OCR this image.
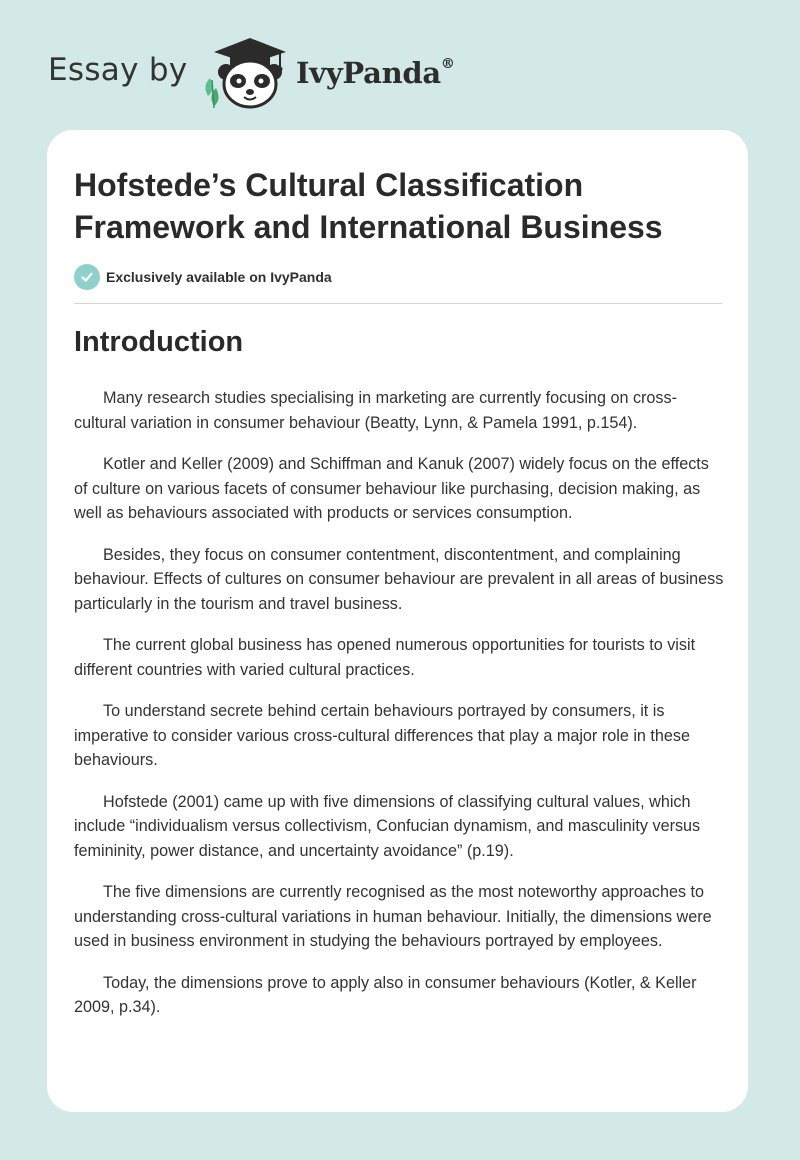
Essay by	IvyPanda®
Hofstede’s Cultural Classification Framework and International Business
Exclusively available on IvyPanda
Introduction

Many research studies specialising in marketing are currently focusing on cross-cultural variation in consumer behaviour (Beatty, Lynn, & Pamela 1991, p.154).

Kotler and Keller (2009) and Schiffman and Kanuk (2007) widely focus on the effects of culture on various facets of consumer behaviour like purchasing, decision making, as well as behaviours associated with products or services consumption.

Besides, they focus on consumer contentment, discontentment, and complaining behaviour. Effects of cultures on consumer behaviour are prevalent in all areas of business particularly in the tourism and travel business.

The current global business has opened numerous opportunities for tourists to visit different countries with varied cultural practices.

To understand secrete behind certain behaviours portrayed by consumers, it is imperative to consider various cross-cultural differences that play a major role in these behaviours.

Hofstede (2001) came up with five dimensions of classifying cultural values, which include “individualism versus collectivism, Confucian dynamism, and masculinity versus femininity, power distance, and uncertainty avoidance” (p.19).

The five dimensions are currently recognised as the most noteworthy approaches to understanding cross-cultural variations in human behaviour. Initially, the dimensions were used in business environment in studying the behaviours portrayed by employees.

Today, the dimensions prove to apply also in consumer behaviours (Kotler, & Keller 2009, p.34).
